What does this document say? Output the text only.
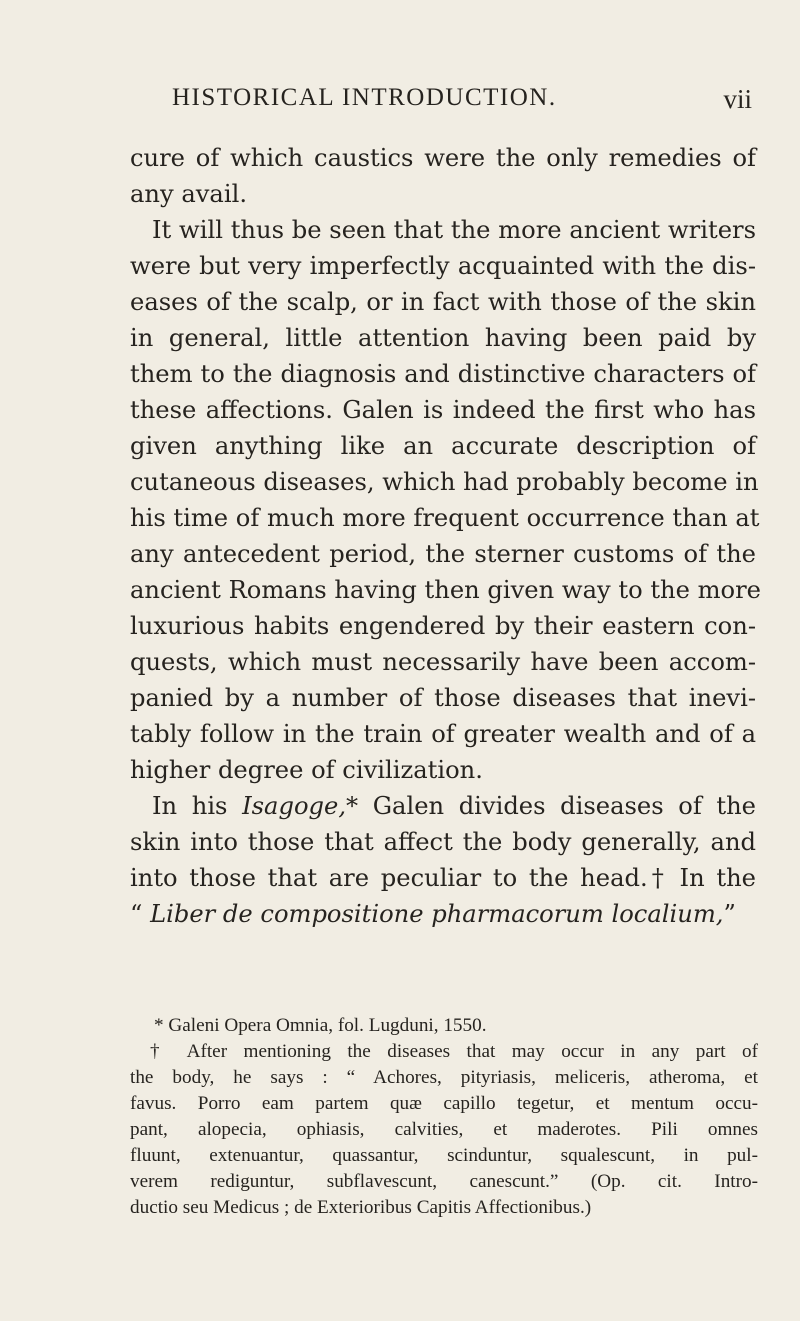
HISTORICAL INTRODUCTION.	vii
cure of which caustics were the only remedies of
any avail.
It will thus be seen that the more ancient writers
were but very imperfectly acquainted with the dis-
eases of the scalp, or in fact with those of the skin
in general, little attention having been paid by
them to the diagnosis and distinctive characters of
these affections. Galen is indeed the first who has
given anything like an accurate description of
cutaneous diseases, which had probably become in
his time of much more frequent occurrence than at
any antecedent period, the sterner customs of the
ancient Romans having then given way to the more
luxurious habits engendered by their eastern con-
quests, which must necessarily have been accom-
panied by a number of those diseases that inevi-
tably follow in the train of greater wealth and of a
higher degree of civilization.
In his Isagoge,* Galen divides diseases of the
skin into those that affect the body generally, and
into those that are peculiar to the head.† In the
“ Liber de compositione pharmacorum localium,”
* Galeni Opera Omnia, fol. Lugduni, 1550.
† After mentioning the diseases that may occur in any part of
the body, he says : “ Achores, pityriasis, meliceris, atheroma, et
favus. Porro eam partem quæ capillo tegetur, et mentum occu-
pant, alopecia, ophiasis, calvities, et maderotes. Pili omnes
fluunt, extenuantur, quassantur, scinduntur, squalescunt, in pul-
verem rediguntur, subflavescunt, canescunt.” (Op. cit. Intro-
ductio seu Medicus ; de Exterioribus Capitis Affectionibus.)
